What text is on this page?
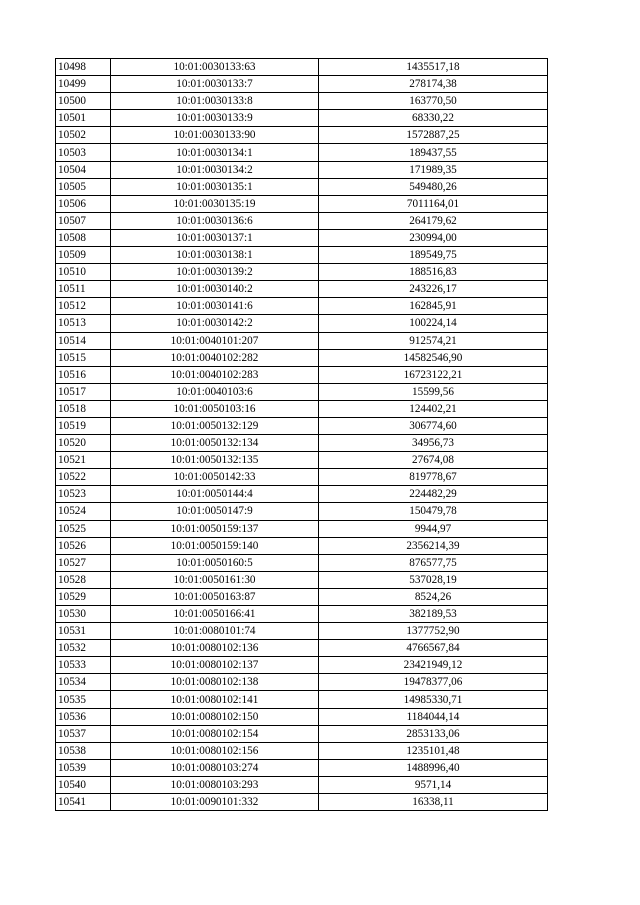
10498	10:01:0030133:63	1435517,18
10499	10:01:0030133:7	278174,38
10500	10:01:0030133:8	163770,50
10501	10:01:0030133:9	68330,22
10502	10:01:0030133:90	1572887,25
10503	10:01:0030134:1	189437,55
10504	10:01:0030134:2	171989,35
10505	10:01:0030135:1	549480,26
10506	10:01:0030135:19	7011164,01
10507	10:01:0030136:6	264179,62
10508	10:01:0030137:1	230994,00
10509	10:01:0030138:1	189549,75
10510	10:01:0030139:2	188516,83
10511	10:01:0030140:2	243226,17
10512	10:01:0030141:6	162845,91
10513	10:01:0030142:2	100224,14
10514	10:01:0040101:207	912574,21
10515	10:01:0040102:282	14582546,90
10516	10:01:0040102:283	16723122,21
10517	10:01:0040103:6	15599,56
10518	10:01:0050103:16	124402,21
10519	10:01:0050132:129	306774,60
10520	10:01:0050132:134	34956,73
10521	10:01:0050132:135	27674,08
10522	10:01:0050142:33	819778,67
10523	10:01:0050144:4	224482,29
10524	10:01:0050147:9	150479,78
10525	10:01:0050159:137	9944,97
10526	10:01:0050159:140	2356214,39
10527	10:01:0050160:5	876577,75
10528	10:01:0050161:30	537028,19
10529	10:01:0050163:87	8524,26
10530	10:01:0050166:41	382189,53
10531	10:01:0080101:74	1377752,90
10532	10:01:0080102:136	4766567,84
10533	10:01:0080102:137	23421949,12
10534	10:01:0080102:138	19478377,06
10535	10:01:0080102:141	14985330,71
10536	10:01:0080102:150	1184044,14
10537	10:01:0080102:154	2853133,06
10538	10:01:0080102:156	1235101,48
10539	10:01:0080103:274	1488996,40
10540	10:01:0080103:293	9571,14
10541	10:01:0090101:332	16338,11
